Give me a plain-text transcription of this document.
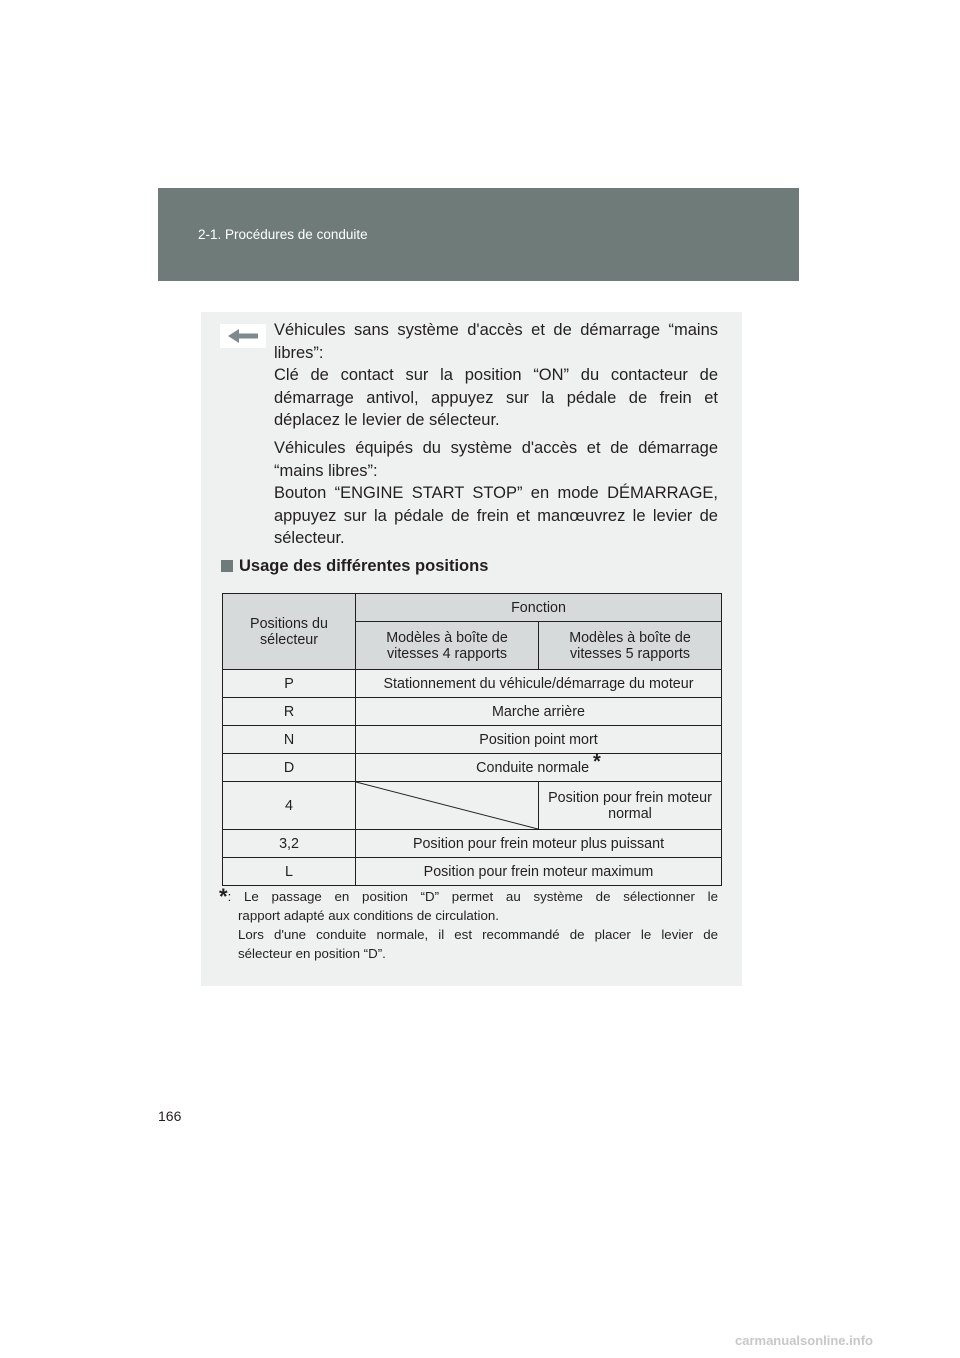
2-1. Procédures de conduite
Véhicules sans système d'accès et de démarrage “mains
libres”:
Clé de contact sur la position “ON” du contacteur de
démarrage antivol, appuyez sur la pédale de frein et
déplacez le levier de sélecteur.
Véhicules équipés du système d'accès et de démarrage
“mains libres”:
Bouton “ENGINE START STOP” en mode DÉMARRAGE,
appuyez sur la pédale de frein et manœuvrez le levier de
sélecteur.
Usage des différentes positions
Positions du sélecteur	Fonction	
	Modèles à boîte de vitesses 4 rapports	Modèles à boîte de vitesses 5 rapports
P	Stationnement du véhicule/démarrage du moteur	
R	Marche arrière	
N	Position point mort	
D	Conduite normale *	
4		Position pour frein moteur normal
3,2	Position pour frein moteur plus puissant	
L	Position pour frein moteur maximum	
*: Le passage en position “D” permet au système de sélectionner le
rapport adapté aux conditions de circulation.
Lors d'une conduite normale, il est recommandé de placer le levier de
sélecteur en position “D”.
166
carmanualsonline.info
